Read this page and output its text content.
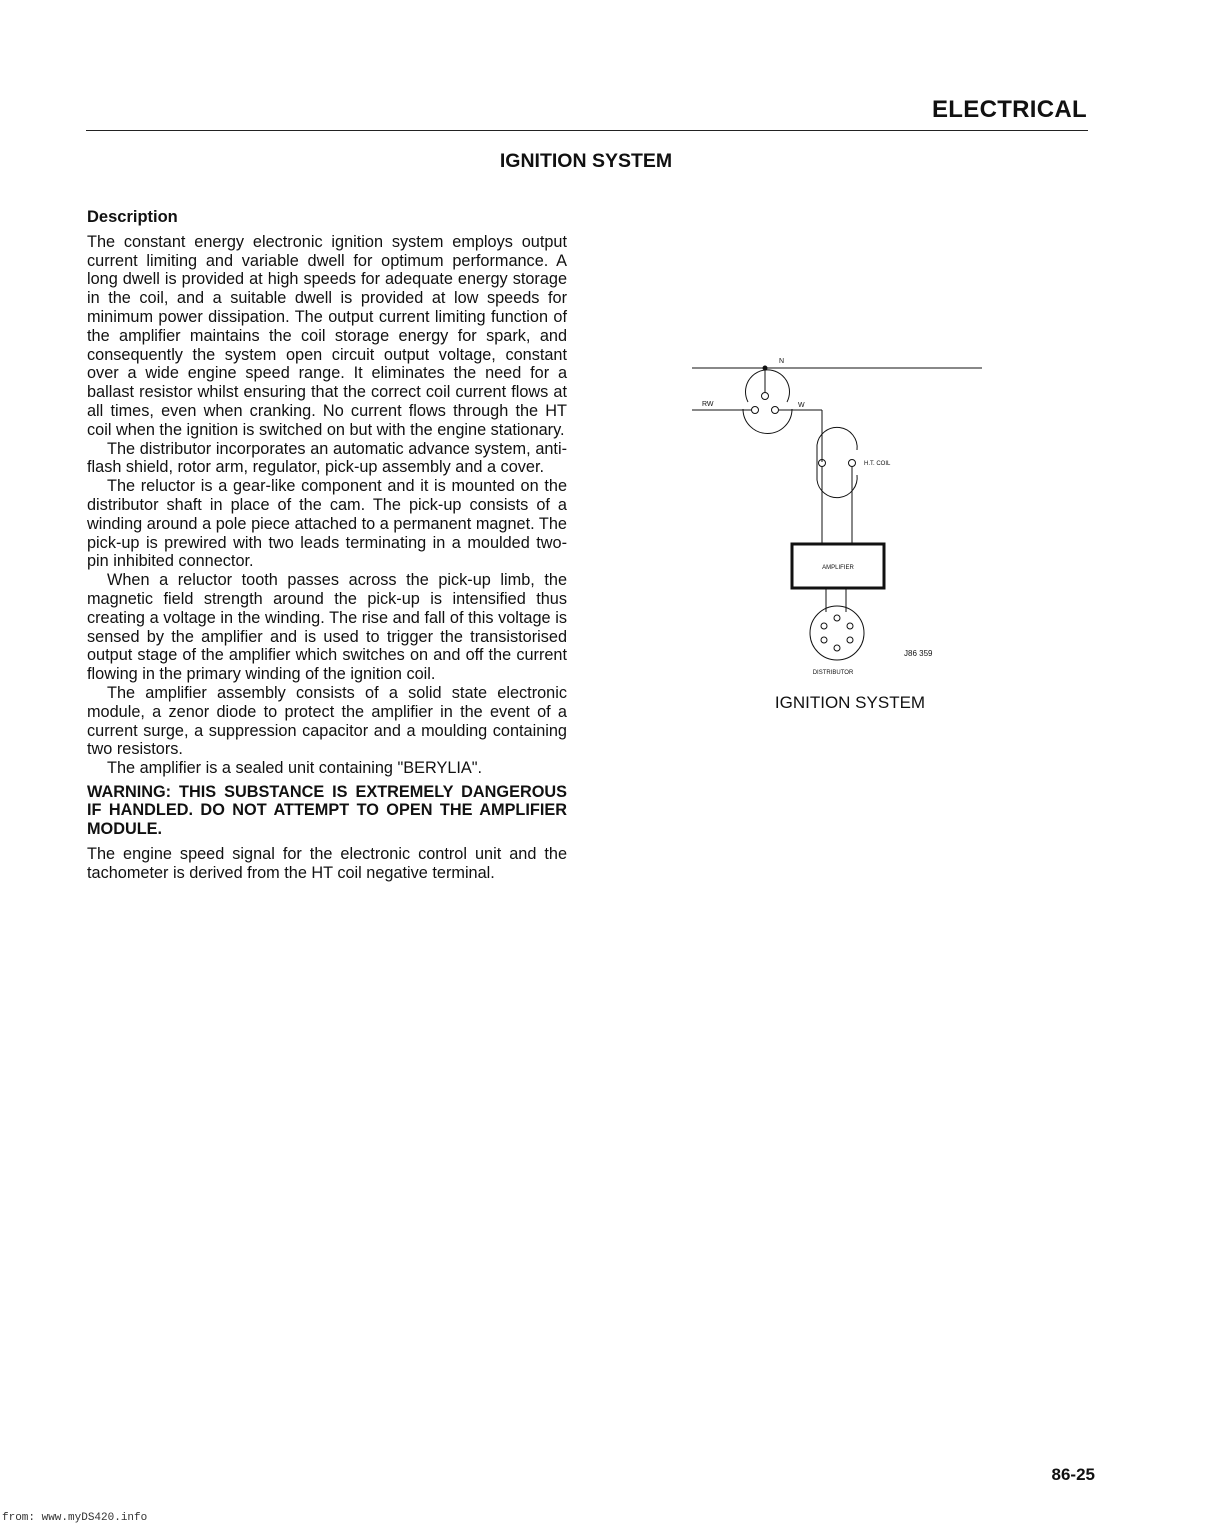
ELECTRICAL
IGNITION SYSTEM
Description

The constant energy electronic ignition system employs output current limiting and variable dwell for optimum performance. A long dwell is provided at high speeds for adequate energy storage in the coil, and a suitable dwell is provided at low speeds for minimum power dissipation. The output current limiting function of the amplifier maintains the coil storage energy for spark, and consequently the system open circuit output voltage, constant over a wide engine speed range. It eliminates the need for a ballast resistor whilst ensuring that the correct coil current flows at all times, even when cranking. No current flows through the HT coil when the ignition is switched on but with the engine stationary.

The distributor incorporates an automatic advance system, anti-flash shield, rotor arm, regulator, pick-up assembly and a cover.

The reluctor is a gear-like component and it is mounted on the distributor shaft in place of the cam. The pick-up consists of a winding around a pole piece attached to a permanent magnet. The pick-up is prewired with two leads terminating in a moulded two-pin inhibited connector.

When a reluctor tooth passes across the pick-up limb, the magnetic field strength around the pick-up is intensified thus creating a voltage in the winding. The rise and fall of this voltage is sensed by the amplifier and is used to trigger the transistorised output stage of the amplifier which switches on and off the current flowing in the primary winding of the ignition coil.

The amplifier assembly consists of a solid state electronic module, a zenor diode to protect the amplifier in the event of a current surge, a suppression capacitor and a moulding containing two resistors.

The amplifier is a sealed unit containing "BERYLIA".

WARNING: THIS SUBSTANCE IS EXTREMELY DANGEROUS IF HANDLED. DO NOT ATTEMPT TO OPEN THE AMPLIFIER MODULE.

The engine speed signal for the electronic control unit and the tachometer is derived from the HT coil negative terminal.

N
RW	W
H.T. COIL
AMPLIFIER
DISTRIBUTOR
J86 359
IGNITION SYSTEM
86-25
from: www.myDS420.info
